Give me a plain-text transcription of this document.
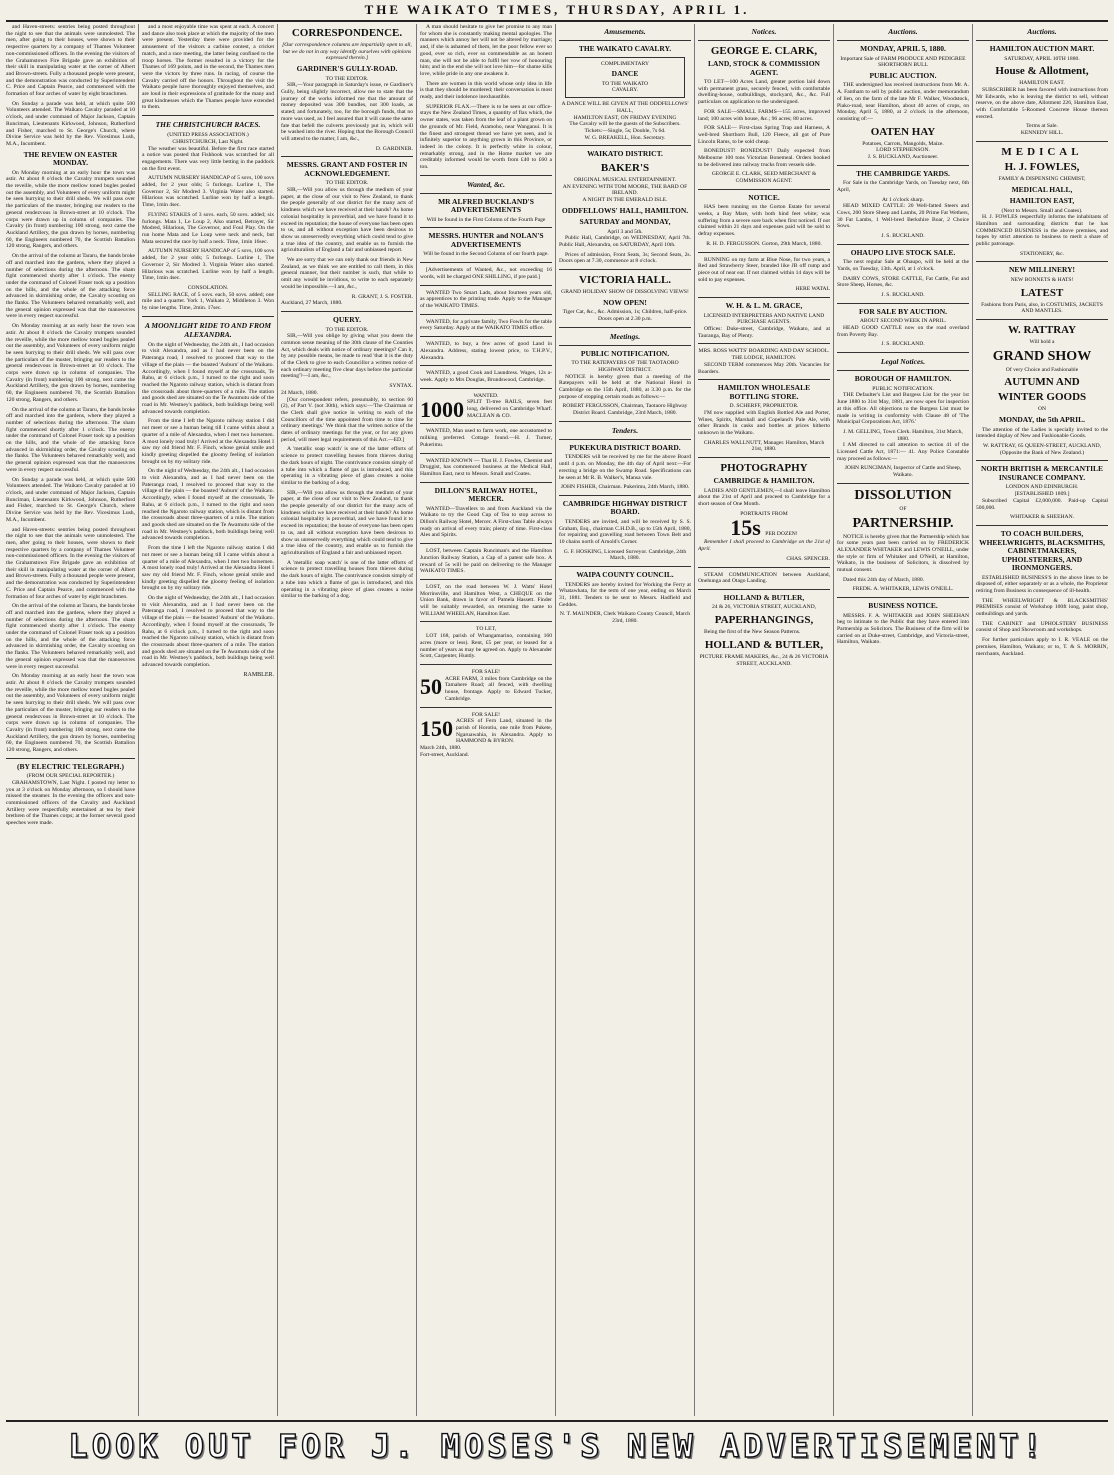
THE WAIKATO TIMES, THURSDAY, APRIL 1.

and Haven-streets: sentries being posted throughout the night to see that the animals were unmolested. The men, after going to their houses, were shown to their respective quarters by a company of Thames Volunteer non-commissioned officers. In the evening the visitors of the Grahamstown Fire Brigade gave an exhibition of their skill in manipulating water at the corner of Albert and Brown-streets. Fully a thousand people were present, and the demonstration was conducted by Superintendent C. Price and Captain Pearce, and commenced with the formation of four arches of water by eight branchmen.

On Sunday a parade was held, at which quite 500 Volunteers attended. The Waikato Cavalry paraded at 10 o'clock, and under command of Major Jackson, Captain Runciman, Lieutenants Kirkwood, Johnson, Rutherford and Fisher, marched to St. George's Church, where Divine Service was held by the Rev. Vicesimus Lush, M.A., Incumbent.

THE REVIEW ON EASTER MONDAY.

On Monday morning at an early hour the town was astir. At about 8 o'clock the Cavalry trumpets sounded the reveille, while the more mellow toned bugles pealed out the assembly, and Volunteers of every uniform might be seen hurrying to their drill sheds. We will pass over the particulars of the muster, bringing our readers to the general rendezvous in Brown-street at 10 o'clock. The corps were drawn up in column of companies. The Cavalry (in front) numbering 100 strong, next came the Auckland Artillery, the gun drawn by horses, numbering 60, the Engineers numbered 70, the Scottish Battalion 120 strong, Rangers, and others.

On the arrival of the column at Tararu, the bands broke off and marched into the gardens, where they played a number of selections during the afternoon. The sham fight commenced shortly after 1 o'clock. The enemy under the command of Colonel Fraser took up a position on the hills, and the whole of the attacking force advanced in skirmishing order, the Cavalry scouting on the flanks. The Volunteers behaved remarkably well, and the general opinion expressed was that the manoeuvres were in every respect successful.

On Monday morning at an early hour the town was astir. At about 8 o'clock the Cavalry trumpets sounded the reveille, while the more mellow toned bugles pealed out the assembly, and Volunteers of every uniform might be seen hurrying to their drill sheds. We will pass over the particulars of the muster, bringing our readers to the general rendezvous in Brown-street at 10 o'clock. The corps were drawn up in column of companies. The Cavalry (in front) numbering 100 strong, next came the Auckland Artillery, the gun drawn by horses, numbering 60, the Engineers numbered 70, the Scottish Battalion 120 strong, Rangers, and others.

On the arrival of the column at Tararu, the bands broke off and marched into the gardens, where they played a number of selections during the afternoon. The sham fight commenced shortly after 1 o'clock. The enemy under the command of Colonel Fraser took up a position on the hills, and the whole of the attacking force advanced in skirmishing order, the Cavalry scouting on the flanks. The Volunteers behaved remarkably well, and the general opinion expressed was that the manoeuvres were in every respect successful.

On Sunday a parade was held, at which quite 500 Volunteers attended. The Waikato Cavalry paraded at 10 o'clock, and under command of Major Jackson, Captain Runciman, Lieutenants Kirkwood, Johnson, Rutherford and Fisher, marched to St. George's Church, where Divine Service was held by the Rev. Vicesimus Lush, M.A., Incumbent.

and Haven-streets: sentries being posted throughout the night to see that the animals were unmolested. The men, after going to their houses, were shown to their respective quarters by a company of Thames Volunteer non-commissioned officers. In the evening the visitors of the Grahamstown Fire Brigade gave an exhibition of their skill in manipulating water at the corner of Albert and Brown-streets. Fully a thousand people were present, and the demonstration was conducted by Superintendent C. Price and Captain Pearce, and commenced with the formation of four arches of water by eight branchmen.

On the arrival of the column at Tararu, the bands broke off and marched into the gardens, where they played a number of selections during the afternoon. The sham fight commenced shortly after 1 o'clock. The enemy under the command of Colonel Fraser took up a position on the hills, and the whole of the attacking force advanced in skirmishing order, the Cavalry scouting on the flanks. The Volunteers behaved remarkably well, and the general opinion expressed was that the manoeuvres were in every respect successful.

On Monday morning at an early hour the town was astir. At about 8 o'clock the Cavalry trumpets sounded the reveille, while the more mellow toned bugles pealed out the assembly, and Volunteers of every uniform might be seen hurrying to their drill sheds. We will pass over the particulars of the muster, bringing our readers to the general rendezvous in Brown-street at 10 o'clock. The corps were drawn up in column of companies. The Cavalry (in front) numbering 100 strong, next came the Auckland Artillery, the gun drawn by horses, numbering 60, the Engineers numbered 70, the Scottish Battalion 120 strong, Rangers, and others.

(BY ELECTRIC TELEGRAPH.)
(FROM OUR SPECIAL REPORTER.)

GRAHAMSTOWN, Last Night. I posted my letter to you at 3 o'clock on Monday afternoon, so I should have missed the steamer. In the evening the officers and non-commissioned officers of the Cavalry and Auckland Artillery were respectfully entertained at tea by their brethren of the Thames corps; at the former several good speeches were made.

and a most enjoyable time was spent at each. A concert and dance also took place at which the majority of the men were present. Yesterday there were provided for the amusement of the visitors a carbine contest, a cricket match, and a race meeting, the latter being confined to the troop horses. The former resulted in a victory for the Thames of 169 points, and in the second, the Thames men were the victors by three runs. In racing, of course the Cavalry carried off the honors. Throughout the visit the Waikato people have thoroughly enjoyed themselves, and are loud in their expressions of gratitude for the many and great kindnesses which the Thames people have extended to them.

THE CHRISTCHURCH RACES.
(UNITED PRESS ASSOCIATION.)
CHRISTCHURCH, Last Night.

The weather was beautiful. Before the first race started a notice was posted that Fishhook was scratched for all engagements. There was very little betting in the paddock on the first event.

AUTUMN NURSERY HANDICAP of 5 sovs, 100 sovs added, for 2 year olds; 5 furlongs. Lurline 1, The Governor 2, Sir Modred 3. Virginia Water also started. Hilarious was scratched. Lurline won by half a length. Time, 1min 4sec.

FLYING STAKES of 3 sovs. each, 50 sovs. added; six furlongs. Mata 1, Le Loup 2, Also started, Betrayer, Sir Modred, Hilarious, The Governor, and Foul Play. On the run home Mata and Le Loup were neck and neck, but Mata secured the race by half a neck. Time, 1min 16sec.

AUTUMN NURSERY HANDICAP of 5 sovs, 100 sovs added, for 2 year olds; 5 furlongs. Lurline 1, The Governor 2, Sir Modred 3. Virginia Water also started. Hilarious was scratched. Lurline won by half a length. Time, 1min 4sec.

CONSOLATION.

SELLING RACE, of 5 sovs. each, 50 sovs. added; one mile and a quarter. York 1, Waikato 2, Middleton 3. Won by nine lengths. Time, 2min. 17sec.

A MOONLIGHT RIDE TO AND FROM ALEXANDRA.

On the night of Wednesday, the 24th alt., I had occasion to visit Alexandra, and as I had never been on the Pateranga road, I resolved to proceed that way to the village of the plain — the boasted 'Auburn' of the Waikato. Accordingly, when I found myself at the crossroads, Te Rahu, at 6 o'clock p.m., I turned to the right and soon reached the Ngaroto railway station, which is distant from the crossroads about three-quarters of a mile. The station and goods shed are situated on the Te Awamutu side of the road in Mr. Westney's paddock, both buildings being well advanced towards completion.

From the time I left the Ngaroto railway station I did not meet or see a human being till I came within about a quarter of a mile of Alexandra, when I met two horsemen. A most lonely road truly! Arrived at the Alexandra Hotel I saw my old friend Mr. F. Finch, whose genial smile and kindly greeting dispelled the gloomy feeling of isolation brought on by my solitary ride.

On the night of Wednesday, the 24th alt., I had occasion to visit Alexandra, and as I had never been on the Pateranga road, I resolved to proceed that way to the village of the plain — the boasted 'Auburn' of the Waikato. Accordingly, when I found myself at the crossroads, Te Rahu, at 6 o'clock p.m., I turned to the right and soon reached the Ngaroto railway station, which is distant from the crossroads about three-quarters of a mile. The station and goods shed are situated on the Te Awamutu side of the road in Mr. Westney's paddock, both buildings being well advanced towards completion.

From the time I left the Ngaroto railway station I did not meet or see a human being till I came within about a quarter of a mile of Alexandra, when I met two horsemen. A most lonely road truly! Arrived at the Alexandra Hotel I saw my old friend Mr. F. Finch, whose genial smile and kindly greeting dispelled the gloomy feeling of isolation brought on by my solitary ride.

On the night of Wednesday, the 24th alt., I had occasion to visit Alexandra, and as I had never been on the Pateranga road, I resolved to proceed that way to the village of the plain — the boasted 'Auburn' of the Waikato. Accordingly, when I found myself at the crossroads, Te Rahu, at 6 o'clock p.m., I turned to the right and soon reached the Ngaroto railway station, which is distant from the crossroads about three-quarters of a mile. The station and goods shed are situated on the Te Awamutu side of the road in Mr. Westney's paddock, both buildings being well advanced towards completion.

RAMBLER.
CORRESPONDENCE.
[Our correspondence columns are impartially open to all, but we do not in any way identify ourselves with opinions expressed therein.]
GARDINER'S GULLY-ROAD.
TO THE EDITOR.

SIR,—Your paragraph in Saturday's issue, re Gardiner's Gully, being slightly incorrect, allow me to state that the journey of the works informed me that the amount of money deposited was 300 bundles, not 300 loads, as stated; and fortunately, too, for the borough funds, that no more was used, as I feel assured that it will cause the same fate that befell the culverts previously put in, which will be washed into the river. Hoping that the Borough Council will attend to the matter, I am, &c.,

D. GARDINER.
MESSRS. GRANT AND FOSTER IN ACKNOWLEDGEMENT.
TO THE EDITOR.

SIR,—Will you allow us through the medium of your paper, at the close of our visit to New Zealand, to thank the people generally of our district for the many acts of kindness which we have received at their hands? As home colonial hospitality is proverbial, and we have found it to exceed its reputation; the house of everyone has been open to us, and all without exception have been desirous to show us unreservedly everything which could tend to give a true idea of the country, and enable us to furnish the agriculturalists of England a fair and unbiassed report.

We are sorry that we can only thank our friends in New Zealand, as we think we are entitled to call them, in this general manner, but their number is such, that while to omit any would be invidious, to write to each separately would be impossible.—I am, &c.,

R. GRANT, J. S. FOSTER.
Auckland, 27 March, 1880.
QUERY.
TO THE EDITOR.

SIR,—Will you oblige by giving what you deem the common sense meaning of the 30th clause of the Counties Act, which deals with notice of ordinary meetings? Can it, by any possible means, be made to read 'that it is the duty of the Clerk to give to each Councillor a written notice of each ordinary meeting five clear days before the particular meeting'?—I am, &c.,

SYNTAX.
24 March, 1880.

[Our correspondent refers, presumably, to section 60 (2), of Part V. (not 30th), which says:—'The Chairman or the Clerk shall give notice in writing to each of the Councillors of the time appointed from time to time for ordinary meetings.' We think that the written notice of the dates of ordinary meetings for the year, or for any given period, will meet legal requirements of this Act.—ED.]

A 'metallic soap watch' is one of the latter efforts of science to protect travelling houses from thieves during the dark hours of night. The contrivance consists simply of a tube into which a flame of gas is introduced, and this operating in a vibrating piece of glass creates a noise similar to the barking of a dog.

SIR,—Will you allow us through the medium of your paper, at the close of our visit to New Zealand, to thank the people generally of our district for the many acts of kindness which we have received at their hands? As home colonial hospitality is proverbial, and we have found it to exceed its reputation; the house of everyone has been open to us, and all without exception have been desirous to show us unreservedly everything which could tend to give a true idea of the country, and enable us to furnish the agriculturalists of England a fair and unbiassed report.

A 'metallic soap watch' is one of the latter efforts of science to protect travelling houses from thieves during the dark hours of night. The contrivance consists simply of a tube into which a flame of gas is introduced, and this operating in a vibrating piece of glass creates a noise similar to the barking of a dog.

A man should hesitate to give her promise to any man for whom she is constantly making mental apologies. The manners which annoy her will not be altered by marriage; and, if she is ashamed of them, let the poor fellow ever so good, ever so rich, ever so commendable as an honest man, she will not be able to fulfil her vow of honouring him; and in the end she will not love him—for shame kills love, while pride in any one awakens it.

There are women in this world whose only idea in life is that they should be murdered; their conversation is most ready, and their indolence inexhaustible.

SUPERIOR FLAX.—There is to be seen at our office-stays the New Zealand Times, a quantity of flax which, the owner states, was taken from the leaf of a plant grown on the grounds of Mr. Field, Aramoho, near Wanganui. It is the finest and strongest thread we have yet seen, and is infinitely superior to anything grown in this Province, or indeed in the colony. It is perfectly white in colour, remarkably strong, and in the Home market we are creditably informed would be worth from £40 to £60 a ton.

Wanted, &c.
MR ALFRED BUCKLAND'S ADVERTISEMENTS
Will be found in the First Column of the Fourth Page
MESSRS. HUNTER and NOLAN'S ADVERTISEMENTS
Will be found in the Second Column of our fourth page.

[Advertisements of Wanted, &c., not exceeding 16 words, will be charged ONE SHILLING, if pre paid.]

WANTED Two Smart Lads, about fourteen years old, as apprentices to the printing trade. Apply to the Manager of the WAIKATO TIMES.

WANTED, for a private family, Two Fowls for the table every Saturday. Apply at the WAIKATO TIMES office.

WANTED, to buy, a few acres of good Land in Alexandra. Address, stating lowest price, to T.H.P.V., Alexandra.

WANTED, a good Cook and Laundress. Wages, 12s a-week. Apply to Mrs Douglas, Brundswood, Cambridge.

WANTED.
1000 SPLIT Ti-tree RAILS, seven feet long, delivered on Cambridge Wharf. MACLEAN & CO.

WANTED, Man used to farm work, one accustomed to milking preferred. Cottage found.—H. J. Turner, Pukerimu.

WANTED KNOWN — That H. J. Fowles, Chemist and Druggist, has commenced business at the Medical Hall, Hamilton East, next to Messrs. Small and Coates.

DILLON'S RAILWAY HOTEL, MERCER.

WANTED—Travellers to and from Auckland via the Waikato to try the Good Cup of Tea to stop across to Dillon's Railway Hotel, Mercer. A First-class Table always ready on arrival of every train; plenty of time. First-class Ales and Spirits.

LOST, between Captain Runciman's and the Hamilton Junction Railway Station, a Cap of a patent safe box. A reward of 5s will be paid on delivering to the Manager WAIKATO TIMES.

LOST, on the road between W. J. Watts' Hotel Morrinsville, and Hamilton West, a CHEQUE on the Union Bank, drawn in favor of Pamela Hassett. Finder will be suitably rewarded, on returning the same to WILLIAM WHEELAN, Hamilton East.

TO LET,

LOT 168, parish of Whangamarino, containing 160 acres (more or less). Rent, £5 per year, or leased for a number of years as may be agreed on. Apply to Alexander Scott, Carpenter, Huntly.

FOR SALE!
50 ACRE FARM, 3 miles from Cambridge on the Tamahere Road; all fenced, with dwelling house, frontage. Apply to Edward Tucker, Cambridge.
FOR SALE!
150 ACRES of Fern Land, situated in the parish of Horotiu, one mile from Pukete, Ngaruawahia, in Alexandra. Apply to HAMMOND & BYRON.
March 24th, 1880.
Fort-street, Auckland.
Amusements.
THE WAIKATO CAVALRY.
COMPLIMENTARY
DANCE
TO THE WAIKATO
CAVALRY.
A DANCE WILL BE GIVEN AT THE ODDFELLOWS' HALL,
HAMILTON EAST, ON FRIDAY EVENING
The Cavalry will be the guests of the Subscribers.
Tickets:—Single, 5s; Double, 7s 6d.
W. G. BREAKELL, Hon. Secretary.
WAIKATO DISTRICT.
BAKER'S
ORIGINAL MUSICAL ENTERTAINMENT.
AN EVENING WITH TOM MOORE, THE BARD OF IRELAND.
A NIGHT IN THE EMERALD ISLE.
ODDFELLOWS' HALL, HAMILTON.
SATURDAY and MONDAY,
April 3 and 5th.

Public Hall, Cambridge, on WEDNESDAY, April 7th. Public Hall, Alexandra, on SATURDAY, April 10th.

Prices of admission, Front Seats, 3s; Second Seats, 2s. Doors open at 7.30, commence at 8 o'clock.

VICTORIA HALL.
GRAND HOLIDAY SHOW OF DISSOLVING VIEWS!
NOW OPEN!
Tiger Cat, &c., &c. Admission, 1s; Children, half-price. Doors open at 2.30 p.m.
Meetings.
PUBLIC NOTIFICATION.
TO THE RATEPAYERS OF THE TAOTAORO HIGHWAY DISTRICT.

NOTICE is hereby given that a meeting of the Ratepayers will be held at the National Hotel in Cambridge on the 15th April, 1880, at 3.30 p.m. for the purpose of stopping certain roads as follows:—

ROBERT FERGUSSON, Chairman, Taotaoro Highway District Board. Cambridge, 23rd March, 1880.
Tenders.
PUKEKURA DISTRICT BOARD.

TENDERS will be received by me for the above Board until 4 p.m. on Monday, the 4th day of April next:—For erecting a bridge on the Swamp Road. Specifications can be seen at Mr R. B. Walker's, Mansa vale.

JOHN FISHER, Chairman. Pukerimu, 24th March, 1880.
CAMBRIDGE HIGHWAY DISTRICT BOARD.

TENDERS are invited, and will be received by S. S. Graham, Esq., chairman C.H.D.B., up to 15th April, 1880, for repairing and gravelling road between Town Belt and 10 chains north of Arnold's Corner.

G. F. HOSKING, Licensed Surveyor. Cambridge, 24th March, 1880.
WAIPA COUNTY COUNCIL.

TENDERS are hereby invited for Working the Ferry at Whatawhata, for the term of one year, ending on March 31, 1881. Tenders to be sent to Messrs. Hadfield and Geddes.

N. T. MAUNDER, Clerk Waikato County Council, March 23rd, 1880.
Notices.
GEORGE E. CLARK,
LAND, STOCK & COMMISSION AGENT.

TO LET—100 Acres Land, greater portion laid down with permanent grass, securely fenced, with comfortable dwelling-house, outbuildings, stockyard, &c., &c. Full particulars on application to the undersigned.

FOR SALE—SMALL FARMS—155 acres, improved land; 100 acres with house, &c.; 96 acres; 80 acres.

FOR SALE— First-class Spring Trap and Harness, A well-bred Shorthorn Bull, 120 Fleece, all got of Pure Lincoln Rams, to be sold cheap.

BONEDUST! BONEDUST! Daily expected from Melbourne 100 tons Victorian Bonemeal. Orders booked to be delivered into railway trucks from vessels side.

GEORGE E. CLARK, SEED MERCHANT & COMMISSION AGENT.
NOTICE.

HAS been running on the Gorton Estate for several weeks, a Bay Mare, with both hind feet white; was suffering from a severe sore back when first noticed. If not claimed within 21 days and expenses paid will be sold to defray expenses.

R. H. D. FERGUSSON. Gorton, 29th March, 1880.

RUNNING on my farm at Blue Nose, for two years, a Red and Strawberry Steer, branded like JB off rump and piece out of near ear. If not claimed within 14 days will be sold to pay expenses.

HERE WATAL
W. H. & L. M. GRACE,
LICENSED INTERPRETERS AND NATIVE LAND PURCHASE AGENTS.

Offices: Duke-street, Cambridge, Waikato, and at Tauranga, Bay of Plenty.

MRS. ROSS WATTS' BOARDING AND DAY SCHOOL.
THE LODGE, HAMILTON.

SECOND TERM commences May 20th. Vacancies for Boarders.

HAMILTON WHOLESALE BOTTLING STORE.
D. SCHERFF, PROPRIETOR.

I'M now supplied with English Bottled Ale and Porter, Wines, Spirits, Marshall and Copeland's Pale Ale, with other Brands in casks and bottles at prices hitherto unknown in the Waikato.

CHARLES WALLNUTT, Manager. Hamilton, March 21st, 1880.
PHOTOGRAPHY
CAMBRIDGE & HAMILTON.

LADIES AND GENTLEMEN,—I shall leave Hamilton about the 21st of April and proceed to Cambridge for a short season of One Month.

PORTRAITS FROM
15s PER DOZEN!

Remember I shall proceed to Cambridge on the 21st of April.

CHAS. SPENCER.

STEAM COMMUNICATION between Auckland, Onehunga and Otago Landing.

HOLLAND & BUTLER,
24 & 26, VICTORIA STREET, AUCKLAND,
PAPERHANGINGS,

Being the first of the New Season Patterns.

HOLLAND & BUTLER,
PICTURE FRAME MAKERS, &c., 24 & 26 VICTORIA STREET, AUCKLAND.
Auctions.
MONDAY, APRIL 5, 1880.
Important Sale of FARM PRODUCE AND PEDIGREE SHORTHORN BULL
PUBLIC AUCTION.

THE undersigned has received instructions from Mr. A. A. Fantham to sell by public auction, under memorandum of lien, on the farm of the late Mr F. Walker, Woodstock, Piako-road, near Hamilton, about 40 acres of crops, on Monday, April 5, 1880, at 2 o'clock in the afternoon, consisting of:—

OATEN HAY
Potatoes, Carrots, Mangolds, Maize.
LORD STEPHENSON.
J. S. BUCKLAND, Auctioneer.
THE CAMBRIDGE YARDS.

For Sale in the Cambridge Yards, on Tuesday next, 6th April,

At 1 o'clock sharp.

HEAD MIXED CATTLE: 20 Well-fatted Steers and Cows, 200 Store Sheep and Lambs, 20 Prime Fat Wethers, 30 Fat Lambs, 1 Well-bred Berkshire Boar, 2 Choice Sows.

J. S. BUCKLAND.
OHAUPO LIVE STOCK SALE.

The next regular Sale at Ohaupo, will be held at the Yards, on Tuesday, 13th. April, at 1 o'clock.

DAIRY COWS, STORE CATTLE, Fat Cattle, Fat and Store Sheep, Horses, &c.

J. S. BUCKLAND.
FOR SALE BY AUCTION.
ABOUT SECOND WEEK IN APRIL.

HEAD GOOD CATTLE now on the road overland from Poverty Bay.

J. S. BUCKLAND.
Legal Notices.
BOROUGH OF HAMILTON.
PUBLIC NOTIFICATION.

THE Defaulter's List and Burgess List for the year 1st June 1880 to 31st May, 1881, are now open for inspection at this office. All objections to the Burgess List must be made in writing in conformity with Clause 48 of 'The Municipal Corporations Act, 1876.'

J. M. GELLING, Town Clerk. Hamilton, 31st March, 1880.

I AM directed to call attention to section 41 of the Licensed Cattle Act, 1871:— 41. Any Police Constable may proceed as follows:—

JOHN RUNCIMAN, Inspector of Cattle and Sheep, Waikato.
DISSOLUTION
OF
PARTNERSHIP.

NOTICE is hereby given that the Partnership which has for some years past been carried on by FREDERICK ALEXANDER WHITAKER and LEWIS O'NEILL, under the style or firm of Whitaker and O'Neill, at Hamilton, Waikato, in the business of Solicitors, is dissolved by mutual consent.

Dated this 24th day of March, 1880.

FREDK. A. WHITAKER, LEWIS O'NEILL.
BUSINESS NOTICE.

MESSRS. F. A. WHITAKER and JOHN SHEEHAN beg to intimate to the Public that they have entered into Partnership as Solicitors. The Business of the firm will be carried on at Duke-street, Cambridge, and Victoria-street, Hamilton, Waikato.

Auctions.
HAMILTON AUCTION MART.
SATURDAY, APRIL 10TH 1880.
House & Allotment,
HAMILTON EAST.

SUBSCRIBER has been favored with instructions from Mr Edwards, who is leaving the district to sell, without reserve, on the above date, Allotment 226, Hamilton East, with Comfortable 5-Roomed Concrete House thereon erected.

Terms at Sale.
KENNEDY HILL.
MEDICAL
H. J. FOWLES,
FAMILY & DISPENSING CHEMIST,
MEDICAL HALL,
HAMILTON EAST,
(Next to Messrs. Small and Coates).

H. J. FOWLES respectfully informs the inhabitants of Hamilton and surrounding districts that he has COMMENCED BUSINESS in the above premises, and hopes by strict attention to business to merit a share of public patronage.

STATIONERY, &c.
NEW MILLINERY!
NEW BONNETS & HATS!
LATEST
Fashions from Paris, also, in COSTUMES, JACKETS AND MANTLES.
W. RATTRAY
Will hold a
GRAND SHOW
Of very Choice and Fashionable
AUTUMN AND
WINTER GOODS
ON
MONDAY, the 5th APRIL.

The attention of the Ladies is specially invited to the intended display of New and Fashionable Goods.

W. RATTRAY, 65 QUEEN-STREET, AUCKLAND, (Opposite the Bank of New Zealand.)
NORTH BRITISH & MERCANTILE INSURANCE COMPANY.
LONDON AND EDINBURGH.
[ESTABLISHED 1809.]

Subscribed Capital £2,000,000. Paid-up Capital 500,000.

WHITAKER & SHEEHAN.
TO COACH BUILDERS, WHEELWRIGHTS, BLACKSMITHS, CABINETMAKERS, UPHOLSTERERS, AND IRONMONGERS.

ESTABLISHED BUSINESS'S in the above lines to be disposed of, either separately or as a whole, the Proprietor retiring from Business in consequence of ill-health.

THE WHEELWRIGHT & BLACKSMITHS' PREMISES consist of Workshop 100ft long, paint shop, outbuildings and yards.

THE CABINET and UPHOLSTERY BUSINESS consist of Shop and Showroom and workshops.

For further particulars apply to I. R. VEALE on the premises, Hamilton, Waikato; or to, T. & S. MORRIN, merchants, Auckland.

LOOK OUT FOR J. MOSES'S NEW ADVERTISEMENT!
